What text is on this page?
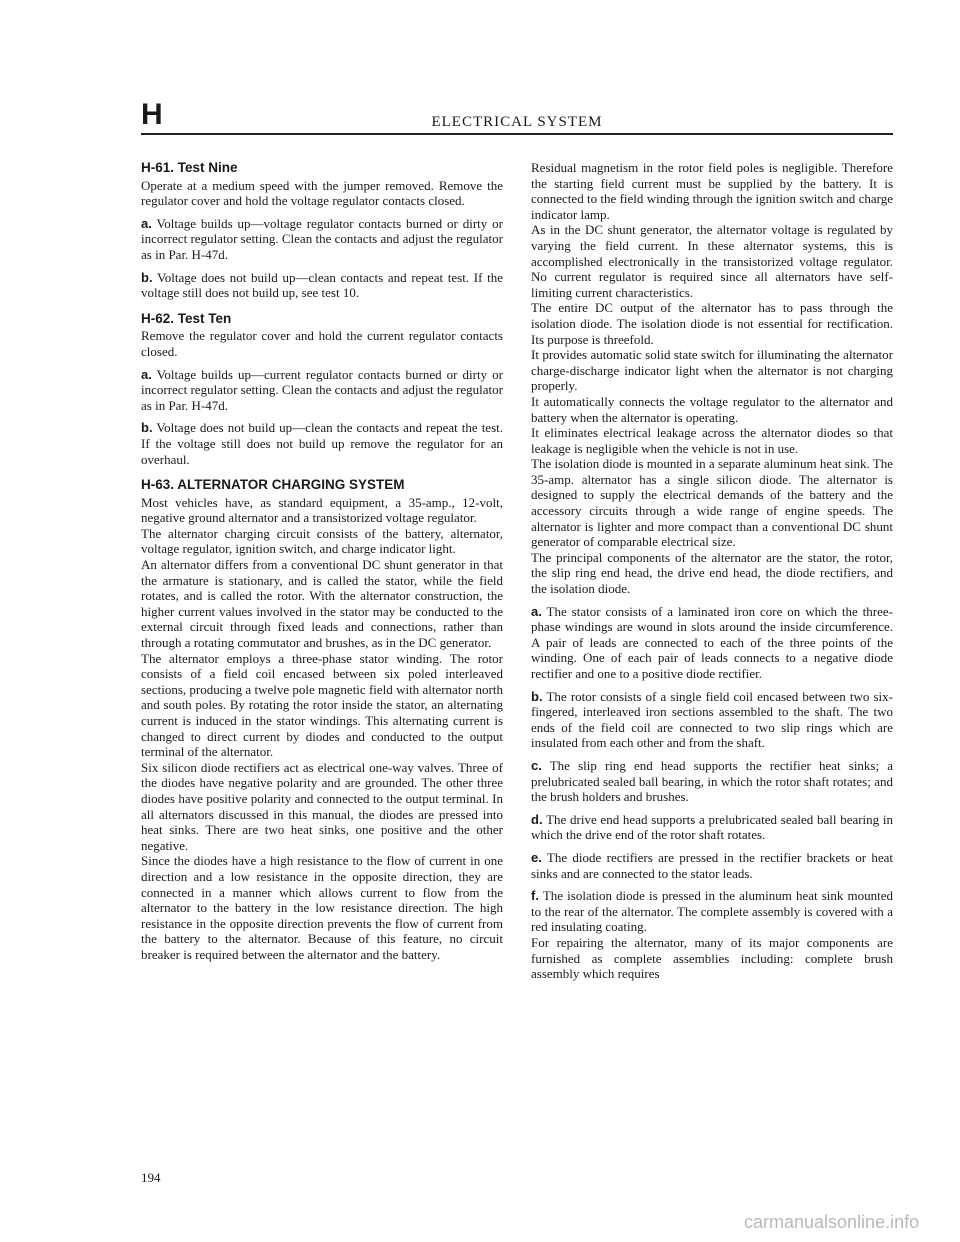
H	ELECTRICAL SYSTEM
H-61. Test Nine

Operate at a medium speed with the jumper removed. Remove the regulator cover and hold the voltage regulator contacts closed.

a. Voltage builds up—voltage regulator contacts burned or dirty or incorrect regulator setting. Clean the contacts and adjust the regulator as in Par. H-47d.

b. Voltage does not build up—clean contacts and repeat test. If the voltage still does not build up, see test 10.

H-62. Test Ten

Remove the regulator cover and hold the current regulator contacts closed.

a. Voltage builds up—current regulator contacts burned or dirty or incorrect regulator setting. Clean the contacts and adjust the regulator as in Par. H-47d.

b. Voltage does not build up—clean the contacts and repeat the test. If the voltage still does not build up remove the regulator for an overhaul.

H-63. ALTERNATOR CHARGING SYSTEM

Most vehicles have, as standard equipment, a 35-amp., 12-volt, negative ground alternator and a transistorized voltage regulator.

The alternator charging circuit consists of the battery, alternator, voltage regulator, ignition switch, and charge indicator light.

An alternator differs from a conventional DC shunt generator in that the armature is stationary, and is called the stator, while the field rotates, and is called the rotor. With the alternator construction, the higher current values involved in the stator may be conducted to the external circuit through fixed leads and connections, rather than through a rotating commutator and brushes, as in the DC generator.

The alternator employs a three-phase stator winding. The rotor consists of a field coil encased between six poled interleaved sections, producing a twelve pole magnetic field with alternator north and south poles. By rotating the rotor inside the stator, an alternating current is induced in the stator windings. This alternating current is changed to direct current by diodes and conducted to the output terminal of the alternator.

Six silicon diode rectifiers act as electrical one-way valves. Three of the diodes have negative polarity and are grounded. The other three diodes have positive polarity and connected to the output terminal. In all alternators discussed in this manual, the diodes are pressed into heat sinks. There are two heat sinks, one positive and the other negative.

Since the diodes have a high resistance to the flow of current in one direction and a low resistance in the opposite direction, they are connected in a manner which allows current to flow from the alternator to the battery in the low resistance direction. The high resistance in the opposite direction prevents the flow of current from the battery to the alternator. Because of this feature, no circuit breaker is required between the alternator and the battery.

Residual magnetism in the rotor field poles is negligible. Therefore the starting field current must be supplied by the battery. It is connected to the field winding through the ignition switch and charge indicator lamp.

As in the DC shunt generator, the alternator voltage is regulated by varying the field current. In these alternator systems, this is accomplished electronically in the transistorized voltage regulator. No current regulator is required since all alternators have self-limiting current characteristics.

The entire DC output of the alternator has to pass through the isolation diode. The isolation diode is not essential for rectification. Its purpose is threefold.

It provides automatic solid state switch for illuminating the alternator charge-discharge indicator light when the alternator is not charging properly.

It automatically connects the voltage regulator to the alternator and battery when the alternator is operating.

It eliminates electrical leakage across the alternator diodes so that leakage is negligible when the vehicle is not in use.

The isolation diode is mounted in a separate aluminum heat sink. The 35-amp. alternator has a single silicon diode. The alternator is designed to supply the electrical demands of the battery and the accessory circuits through a wide range of engine speeds. The alternator is lighter and more compact than a conventional DC shunt generator of comparable electrical size.

The principal components of the alternator are the stator, the rotor, the slip ring end head, the drive end head, the diode rectifiers, and the isolation diode.

a. The stator consists of a laminated iron core on which the three-phase windings are wound in slots around the inside circumference. A pair of leads are connected to each of the three points of the winding. One of each pair of leads connects to a negative diode rectifier and one to a positive diode rectifier.

b. The rotor consists of a single field coil encased between two six-fingered, interleaved iron sections assembled to the shaft. The two ends of the field coil are connected to two slip rings which are insulated from each other and from the shaft.

c. The slip ring end head supports the rectifier heat sinks; a prelubricated sealed ball bearing, in which the rotor shaft rotates; and the brush holders and brushes.

d. The drive end head supports a prelubricated sealed ball bearing in which the drive end of the rotor shaft rotates.

e. The diode rectifiers are pressed in the rectifier brackets or heat sinks and are connected to the stator leads.

f. The isolation diode is pressed in the aluminum heat sink mounted to the rear of the alternator. The complete assembly is covered with a red insulating coating.

For repairing the alternator, many of its major components are furnished as complete assemblies including: complete brush assembly which requires

194
carmanualsonline.info
